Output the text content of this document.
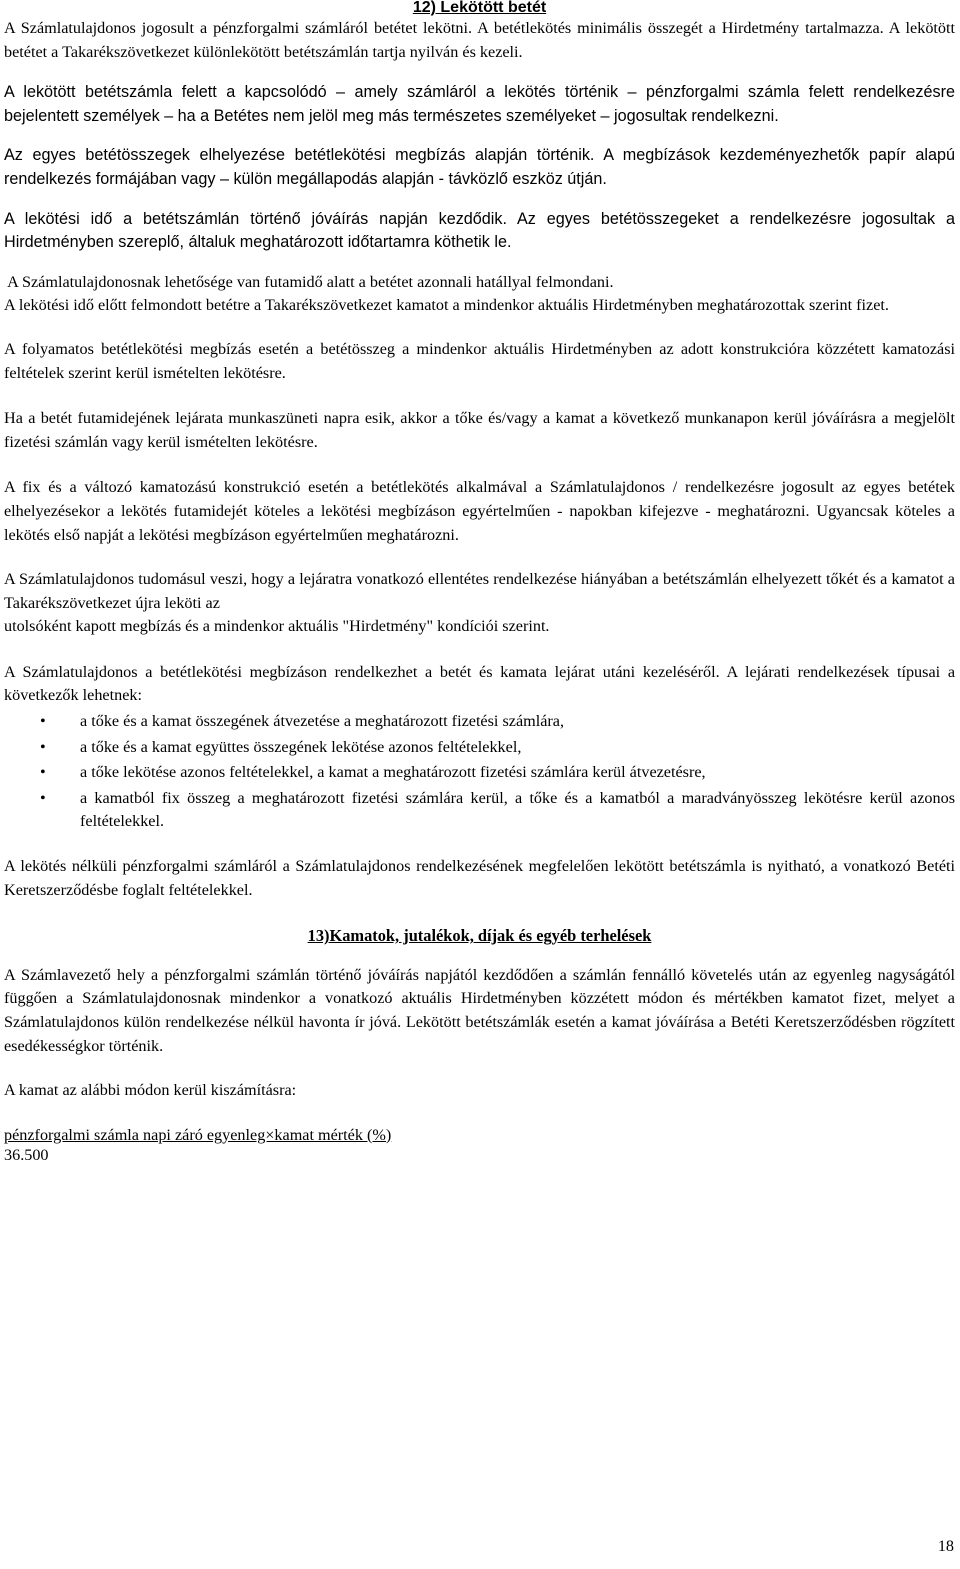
12) Lekötött betét

A Számlatulajdonos jogosult a pénzforgalmi számláról betétet lekötni. A betétlekötés minimális összegét a Hirdetmény tartalmazza. A lekötött betétet a Takarékszövetkezet különlekötött betétszámlán tartja nyilván és kezeli.

A lekötött betétszámla felett a kapcsolódó – amely számláról a lekötés történik – pénzforgalmi számla felett rendelkezésre bejelentett személyek – ha a Betétes nem jelöl meg más természetes személyeket – jogosultak rendelkezni.

Az egyes betétösszegek elhelyezése betétlekötési megbízás alapján történik. A megbízások kezdeményezhetők papír alapú rendelkezés formájában vagy – külön megállapodás alapján - távközlő eszköz útján.

A lekötési idő a betétszámlán történő jóváírás napján kezdődik. Az egyes betétösszegeket a rendelkezésre jogosultak a Hirdetményben szereplő, általuk meghatározott időtartamra köthetik le.

A Számlatulajdonosnak lehetősége van futamidő alatt a betétet azonnali hatállyal felmondani.

A lekötési idő előtt felmondott betétre a Takarékszövetkezet kamatot a mindenkor aktuális Hirdetményben meghatározottak szerint fizet.

A folyamatos betétlekötési megbízás esetén a betétösszeg a mindenkor aktuális Hirdetményben az adott konstrukcióra közzétett kamatozási feltételek szerint kerül ismételten lekötésre.

Ha a betét futamidejének lejárata munkaszüneti napra esik, akkor a tőke és/vagy a kamat a következő munkanapon kerül jóváírásra a megjelölt fizetési számlán vagy kerül ismételten lekötésre.

A fix és a változó kamatozású konstrukció esetén a betétlekötés alkalmával a Számlatulajdonos / rendelkezésre jogosult az egyes betétek elhelyezésekor a lekötés futamidejét köteles a lekötési megbízáson egyértelműen - napokban kifejezve - meghatározni. Ugyancsak köteles a lekötés első napját a lekötési megbízáson egyértelműen meghatározni.

A Számlatulajdonos tudomásul veszi, hogy a lejáratra vonatkozó ellentétes rendelkezése hiányában a betétszámlán elhelyezett tőkét és a kamatot a Takarékszövetkezet újra leköti az

utolsóként kapott megbízás és a mindenkor aktuális "Hirdetmény" kondíciói szerint.

A Számlatulajdonos a betétlekötési megbízáson rendelkezhet a betét és kamata lejárat utáni kezeléséről. A lejárati rendelkezések típusai a következők lehetnek:

• a tőke és a kamat összegének átvezetése a meghatározott fizetési számlára,
• a tőke és a kamat együttes összegének lekötése azonos feltételekkel,
• a tőke lekötése azonos feltételekkel, a kamat a meghatározott fizetési számlára kerül átvezetésre,
• a kamatból fix összeg a meghatározott fizetési számlára kerül, a tőke és a kamatból a maradványösszeg lekötésre kerül azonos feltételekkel.

A lekötés nélküli pénzforgalmi számláról a Számlatulajdonos rendelkezésének megfelelően lekötött betétszámla is nyitható, a vonatkozó Betéti Keretszerződésbe foglalt feltételekkel.

13)Kamatok, jutalékok, díjak és egyéb terhelések

A Számlavezető hely a pénzforgalmi számlán történő jóváírás napjától kezdődően a számlán fennálló követelés után az egyenleg nagyságától függően a Számlatulajdonosnak mindenkor a vonatkozó aktuális Hirdetményben közzétett módon és mértékben kamatot fizet, melyet a Számlatulajdonos külön rendelkezése nélkül havonta ír jóvá. Lekötött betétszámlák esetén a kamat jóváírása a Betéti Keretszerződésben rögzített esedékességkor történik.

A kamat az alábbi módon kerül kiszámításra:

pénzforgalmi számla napi záró egyenleg×kamat mérték (%)

36.500

18
